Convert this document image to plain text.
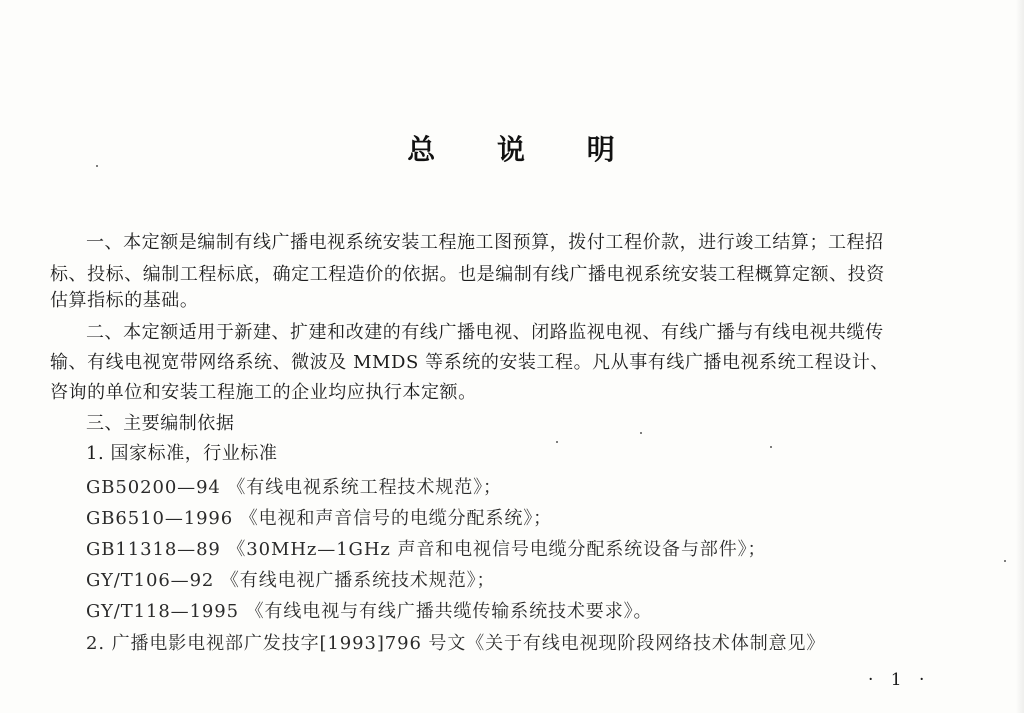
总 说 明
一、本定额是编制有线广播电视系统安装工程施工图预算，拨付工程价款，进行竣工结算；工程招
标、投标、编制工程标底，确定工程造价的依据。也是编制有线广播电视系统安装工程概算定额、投资
估算指标的基础。
二、本定额适用于新建、扩建和改建的有线广播电视、闭路监视电视、有线广播与有线电视共缆传
输、有线电视宽带网络系统、微波及 MMDS 等系统的安装工程。凡从事有线广播电视系统工程设计、
咨询的单位和安装工程施工的企业均应执行本定额。
三、主要编制依据
1. 国家标准，行业标准
GB50200—94 《有线电视系统工程技术规范》；
GB6510—1996 《电视和声音信号的电缆分配系统》；
GB11318—89 《30MHz—1GHz 声音和电视信号电缆分配系统设备与部件》；
GY/T106—92 《有线电视广播系统技术规范》；
GY/T118—1995 《有线电视与有线广播共缆传输系统技术要求》。
2. 广播电影电视部广发技字[1993]796 号文《关于有线电视现阶段网络技术体制意见》
· 1 ·
